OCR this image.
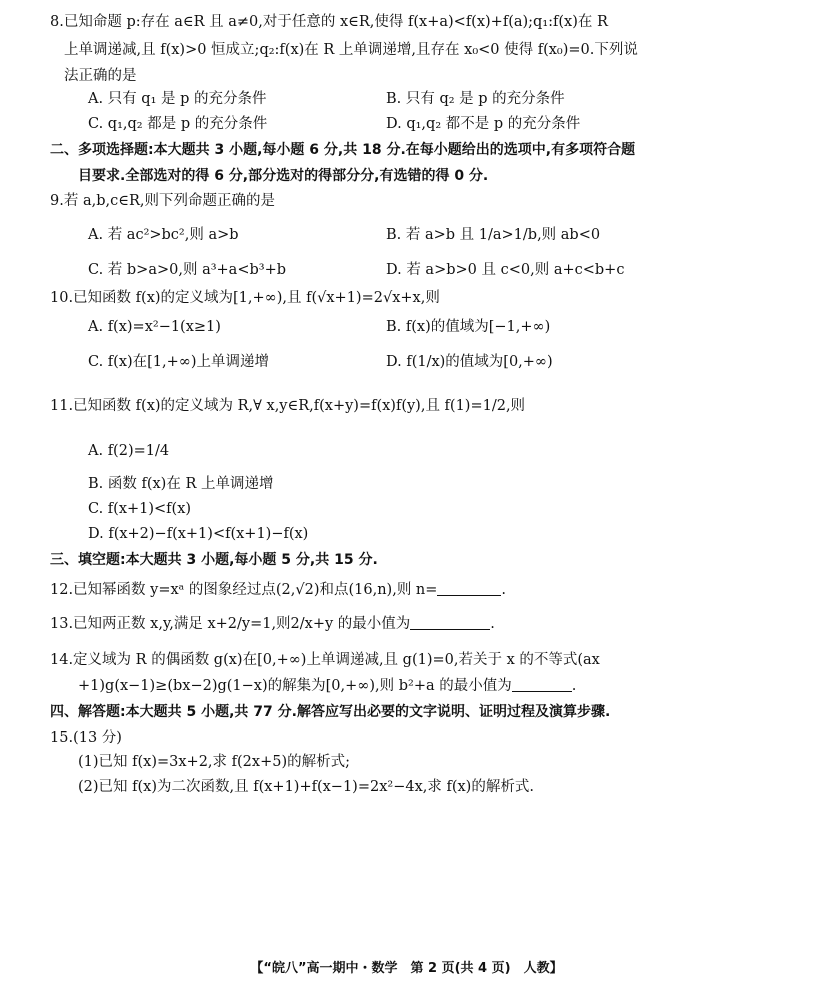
8.已知命题 p:存在 a∈R 且 a≠0,对于任意的 x∈R,使得 f(x+a)<f(x)+f(a);q₁:f(x)在 R
上单调递减,且 f(x)>0 恒成立;q₂:f(x)在 R 上单调递增,且存在 x₀<0 使得 f(x₀)=0.下列说
法正确的是
A. 只有 q₁ 是 p 的充分条件	B. 只有 q₂ 是 p 的充分条件
C. q₁,q₂ 都是 p 的充分条件	D. q₁,q₂ 都不是 p 的充分条件
二、多项选择题:本大题共 3 小题,每小题 6 分,共 18 分.在每小题给出的选项中,有多项符合题
目要求.全部选对的得 6 分,部分选对的得部分分,有选错的得 0 分.
9.若 a,b,c∈R,则下列命题正确的是
A. 若 ac²>bc²,则 a>b	B. 若 a>b 且 1/a>1/b,则 ab<0
C. 若 b>a>0,则 a³+a<b³+b	D. 若 a>b>0 且 c<0,则 a+c<b+c
10.已知函数 f(x)的定义域为[1,+∞),且 f(√x+1)=2√x+x,则
A. f(x)=x²−1(x≥1)	B. f(x)的值域为[−1,+∞)
C. f(x)在[1,+∞)上单调递增	D. f(1/x)的值域为[0,+∞)
11.已知函数 f(x)的定义域为 R,∀ x,y∈R,f(x+y)=f(x)f(y),且 f(1)=1/2,则
A. f(2)=1/4
B. 函数 f(x)在 R 上单调递增
C. f(x+1)<f(x)
D. f(x+2)−f(x+1)<f(x+1)−f(x)
三、填空题:本大题共 3 小题,每小题 5 分,共 15 分.
12.已知幂函数 y=xᵃ 的图象经过点(2,√2)和点(16,n),则 n=	.
13.已知两正数 x,y,满足 x+2/y=1,则2/x+y 的最小值为	.
14.定义域为 R 的偶函数 g(x)在[0,+∞)上单调递减,且 g(1)=0,若关于 x 的不等式(ax
+1)g(x−1)≥(bx−2)g(1−x)的解集为[0,+∞),则 b²+a 的最小值为	.
四、解答题:本大题共 5 小题,共 77 分.解答应写出必要的文字说明、证明过程及演算步骤.
15.(13 分)
(1)已知 f(x)=3x+2,求 f(2x+5)的解析式;
(2)已知 f(x)为二次函数,且 f(x+1)+f(x−1)=2x²−4x,求 f(x)的解析式.
【“皖八”高一期中・数学　第 2 页(共 4 页)　人教】
